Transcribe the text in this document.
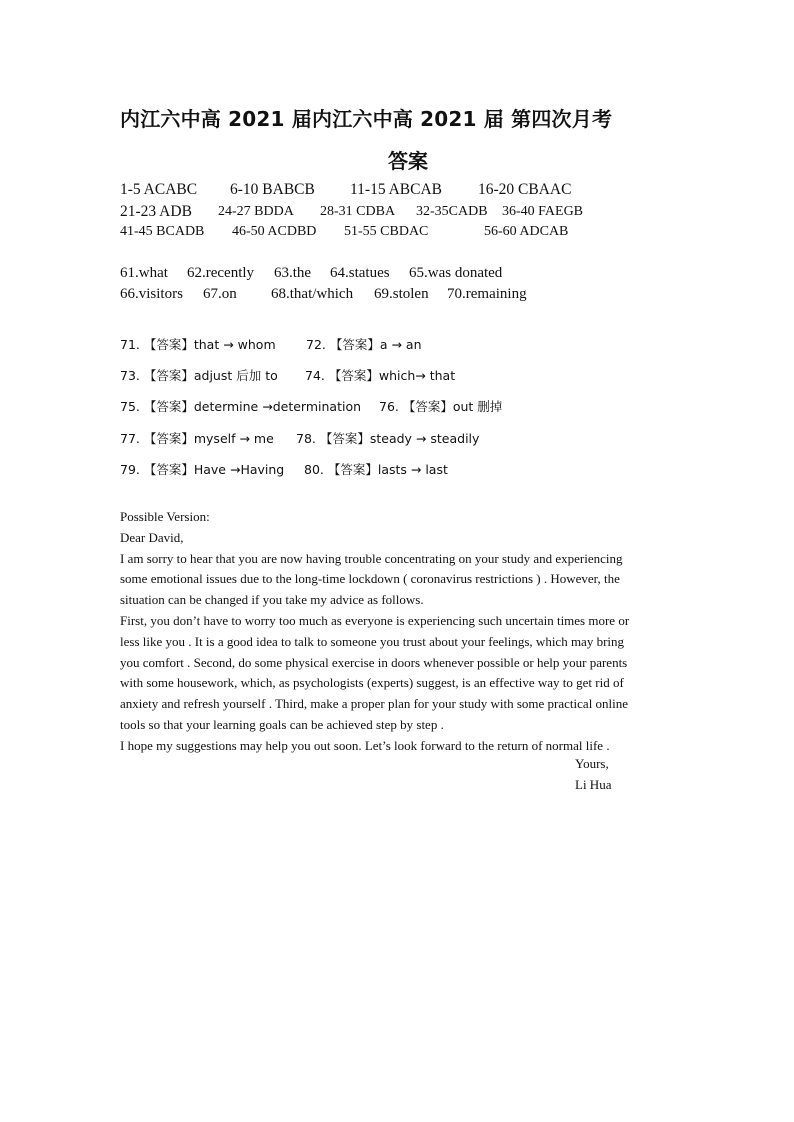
内江六中高 2021 届内江六中高 2021 届 第四次月考
答案
1-5 ACABC 6-10 BABCB 11-15 ABCAB 16-20 CBAAC
21-23 ADB 24-27 BDDA 28-31 CDBA 32-35CADB 36-40 FAEGB
41-45 BCADB 46-50 ACDBD 51-55 CBDAC	56-60 ADCAB
61.what 62.recently 63.the 64.statues 65.was donated
66.visitors 67.on 68.that/which 69.stolen 70.remaining
71. 【答案】that → whom 72. 【答案】a → an
73. 【答案】adjust 后加 to 74. 【答案】which→ that
75. 【答案】determine →determination 76. 【答案】out 删掉
77. 【答案】myself → me 78. 【答案】steady → steadily
79. 【答案】Have →Having 80. 【答案】lasts → last
Possible Version:
Dear David,
I am sorry to hear that you are now having trouble concentrating on your study and experiencing
some emotional issues due to the long-time lockdown ( coronavirus restrictions ) . However, the
situation can be changed if you take my advice as follows.
First, you don’t have to worry too much as everyone is experiencing such uncertain times more or
less like you . It is a good idea to talk to someone you trust about your feelings, which may bring
you comfort . Second, do some physical exercise in doors whenever possible or help your parents
with some housework, which, as psychologists (experts) suggest, is an effective way to get rid of
anxiety and refresh yourself . Third, make a proper plan for your study with some practical online
tools so that your learning goals can be achieved step by step .
I hope my suggestions may help you out soon. Let’s look forward to the return of normal life .
Yours,
Li Hua
